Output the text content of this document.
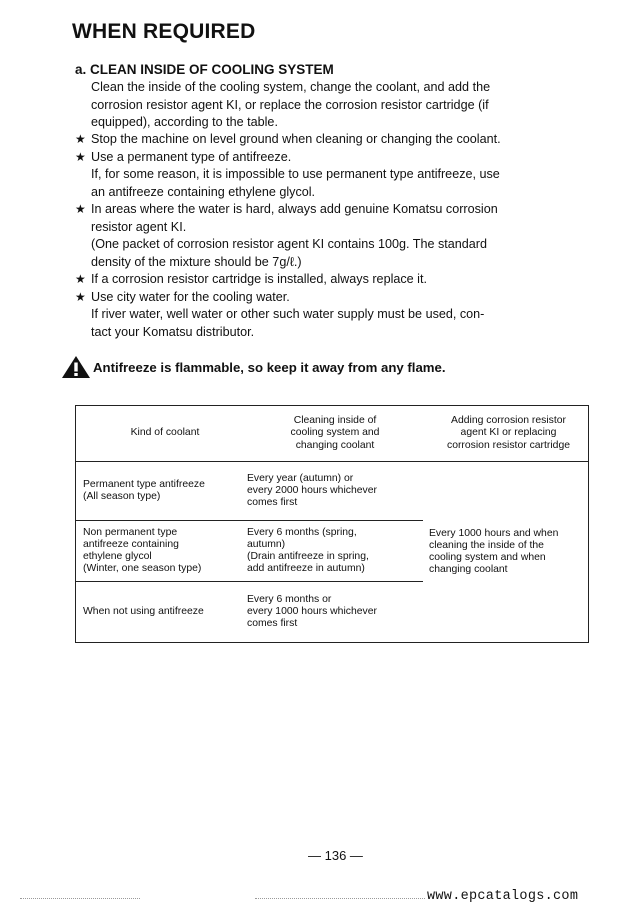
WHEN REQUIRED
a. CLEAN INSIDE OF COOLING SYSTEM
Clean the inside of the cooling system, change the coolant, and add the
corrosion resistor agent KI, or replace the corrosion resistor cartridge (if
equipped), according to the table.
★ Stop the machine on level ground when cleaning or changing the coolant.
★ Use a permanent type of antifreeze.
If, for some reason, it is impossible to use permanent type antifreeze, use
an antifreeze containing ethylene glycol.
★ In areas where the water is hard, always add genuine Komatsu corrosion
resistor agent KI.
(One packet of corrosion resistor agent KI contains 100g. The standard
density of the mixture should be 7g/ℓ.)
★ If a corrosion resistor cartridge is installed, always replace it.
★ Use city water for the cooling water.
If river water, well water or other such water supply must be used, con-
tact your Komatsu distributor.
Antifreeze is flammable, so keep it away from any flame.
Kind of coolant	Cleaning inside of
cooling system and
changing coolant	Adding corrosion resistor
agent KI or replacing
corrosion resistor cartridge

Permanent type antifreeze
(All season type)	Every year (autumn) or
every 2000 hours whichever
comes first	Every 1000 hours and when
cleaning the inside of the
cooling system and when
changing coolant

Non permanent type
antifreeze containing
ethylene glycol
(Winter, one season type)	Every 6 months (spring,
autumn)
(Drain antifreeze in spring,
add antifreeze in autumn)	

When not using antifreeze	Every 6 months or
every 1000 hours whichever
comes first	
— 136 —
www.epcatalogs.com
